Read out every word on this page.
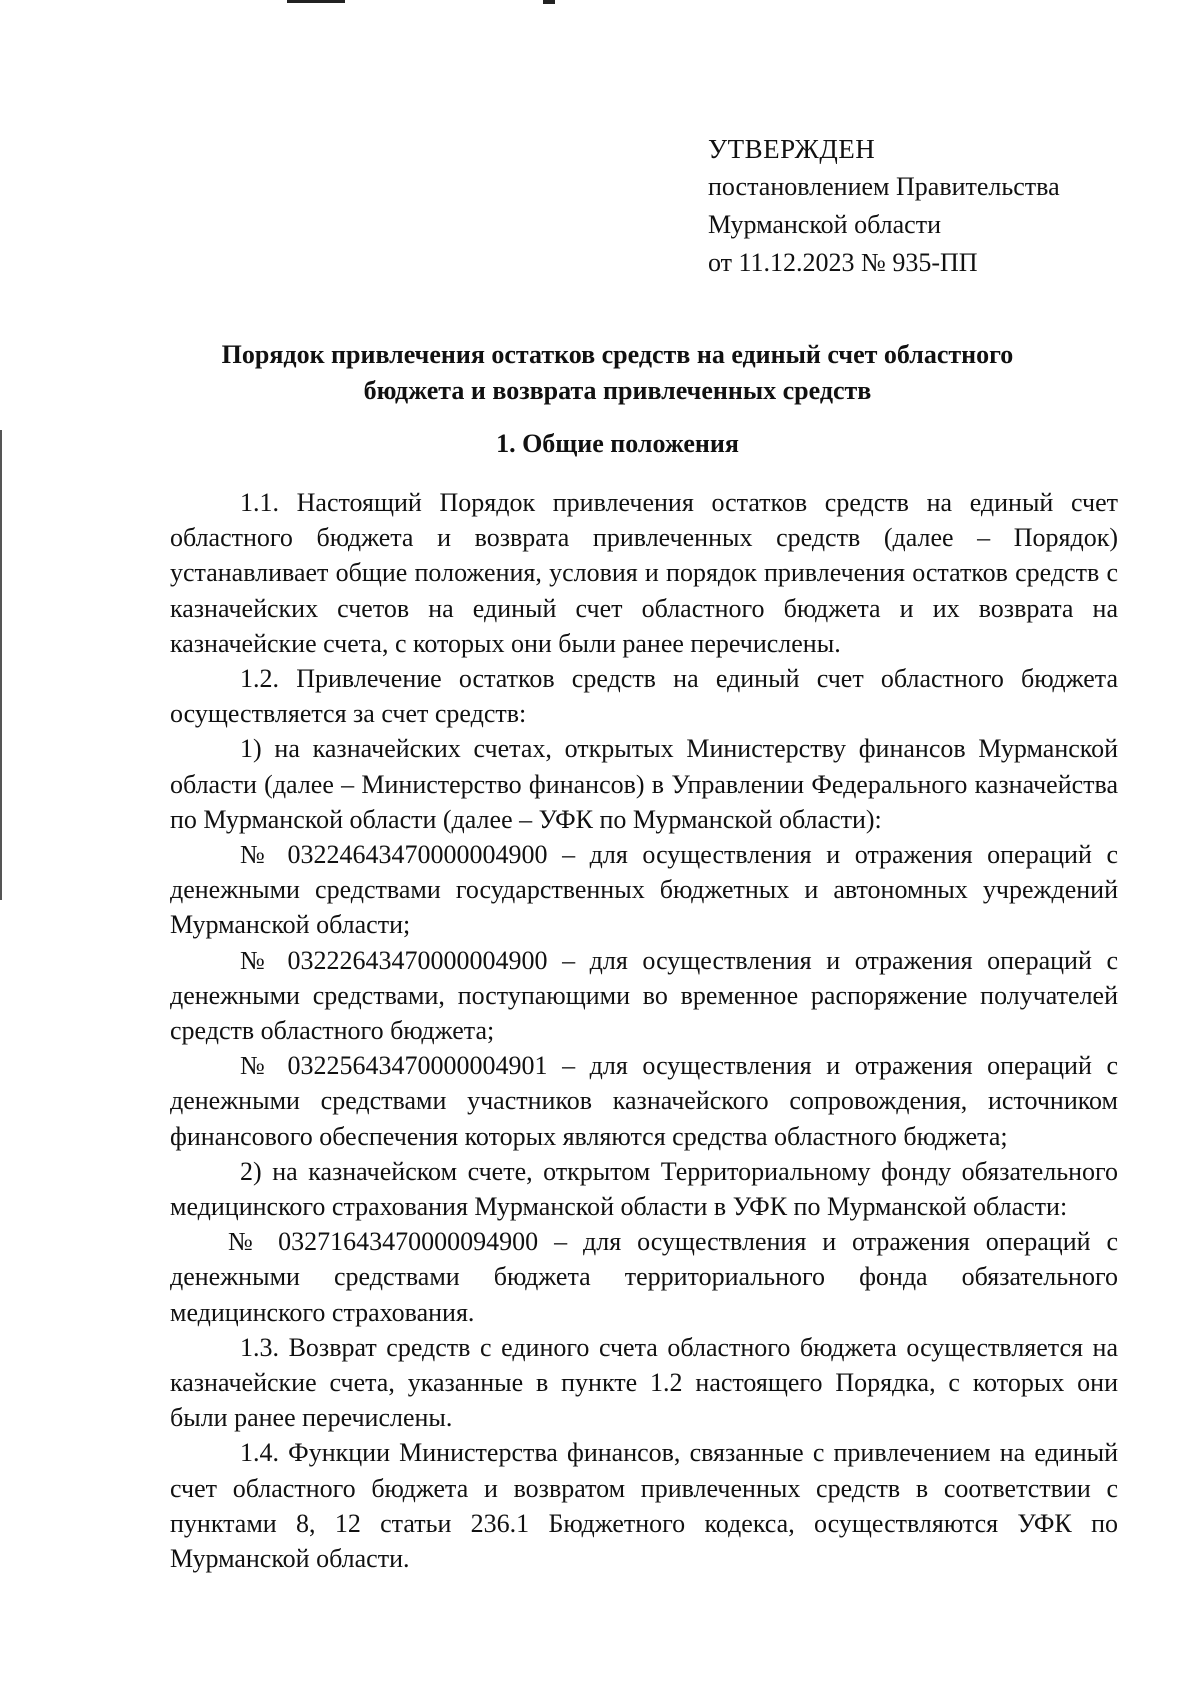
УТВЕРЖДЕН
постановлением Правительства
Мурманской области
от 11.12.2023 № 935-ПП
Порядок привлечения остатков средств на единый счет областного
бюджета и возврата привлеченных средств
1. Общие положения

1.1. Настоящий Порядок привлечения остатков средств на единый счет областного бюджета и возврата привлеченных средств (далее – Порядок) устанавливает общие положения, условия и порядок привлечения остатков средств с казначейских счетов на единый счет областного бюджета и их возврата на казначейские счета, с которых они были ранее перечислены.

1.2. Привлечение остатков средств на единый счет областного бюджета осуществляется за счет средств:

1) на казначейских счетах, открытых Министерству финансов Мурманской области (далее – Министерство финансов) в Управлении Федерального казначейства по Мурманской области (далее – УФК по Мурманской области):

№ 03224643470000004900 – для осуществления и отражения операций с денежными средствами государственных бюджетных и автономных учреждений Мурманской области;

№ 03222643470000004900 – для осуществления и отражения операций с денежными средствами, поступающими во временное распоряжение получателей средств областного бюджета;

№ 03225643470000004901 – для осуществления и отражения операций с денежными средствами участников казначейского сопровождения, источником финансового обеспечения которых являются средства областного бюджета;

2) на казначейском счете, открытом Территориальному фонду обязательного медицинского страхования Мурманской области в УФК по Мурманской области:

№ 03271643470000094900 – для осуществления и отражения операций с денежными средствами бюджета территориального фонда обязательного медицинского страхования.

1.3. Возврат средств с единого счета областного бюджета осуществляется на казначейские счета, указанные в пункте 1.2 настоящего Порядка, с которых они были ранее перечислены.

1.4. Функции Министерства финансов, связанные с привлечением на единый счет областного бюджета и возвратом привлеченных средств в соответствии с пунктами 8, 12 статьи 236.1 Бюджетного кодекса, осуществляются УФК по Мурманской области.
